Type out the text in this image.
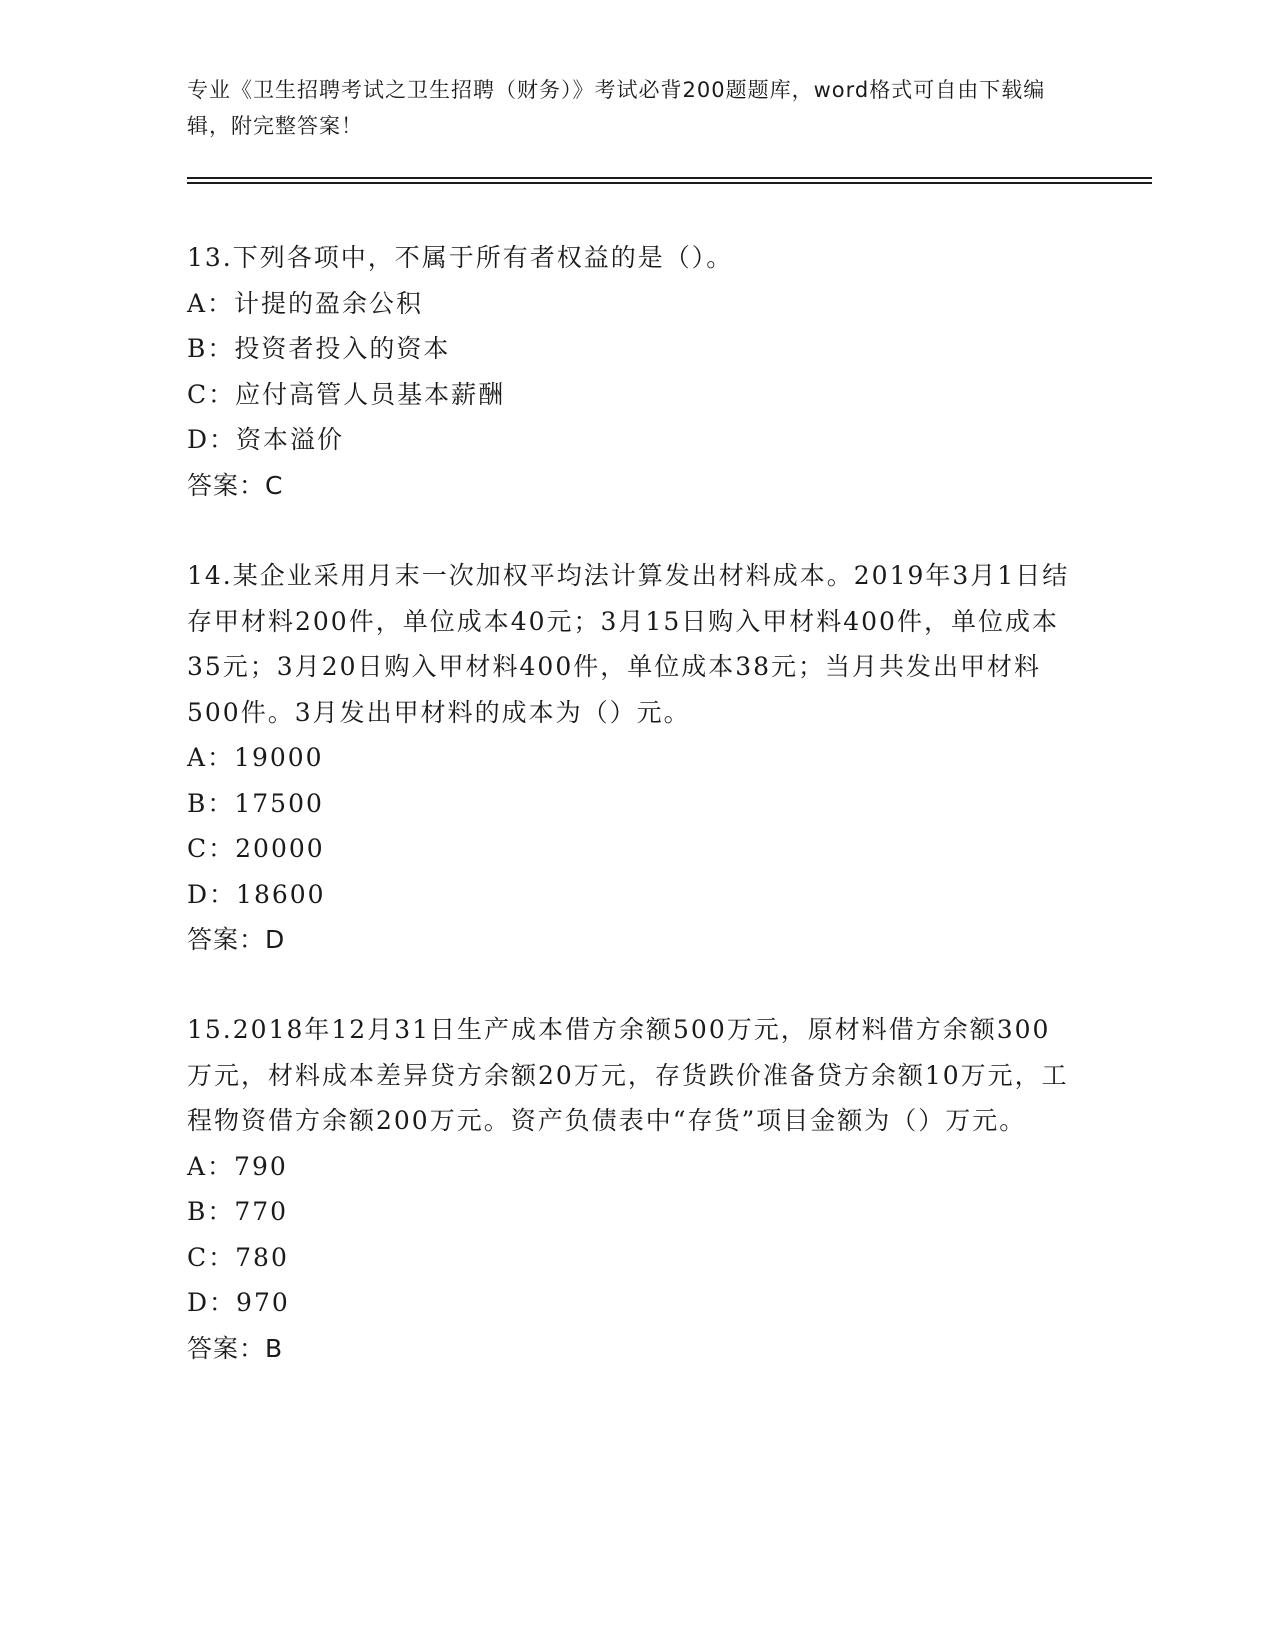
专业《卫生招聘考试之卫生招聘（财务）》考试必背200题题库，word格式可自由下载编辑，附完整答案！

13.下列各项中，不属于所有者权益的是（）。

A：计提的盈余公积

B：投资者投入的资本

C：应付高管人员基本薪酬

D：资本溢价

答案：C

14.某企业采用月末一次加权平均法计算发出材料成本。2019年3月1日结存甲材料200件，单位成本40元；3月15日购入甲材料400件，单位成本35元；3月20日购入甲材料400件，单位成本38元；当月共发出甲材料500件。3月发出甲材料的成本为（）元。

A：19000

B：17500

C：20000

D：18600

答案：D

15.2018年12月31日生产成本借方余额500万元，原材料借方余额300万元，材料成本差异贷方余额20万元，存货跌价准备贷方余额10万元，工程物资借方余额200万元。资产负债表中“存货”项目金额为（）万元。

A：790

B：770

C：780

D：970

答案：B
